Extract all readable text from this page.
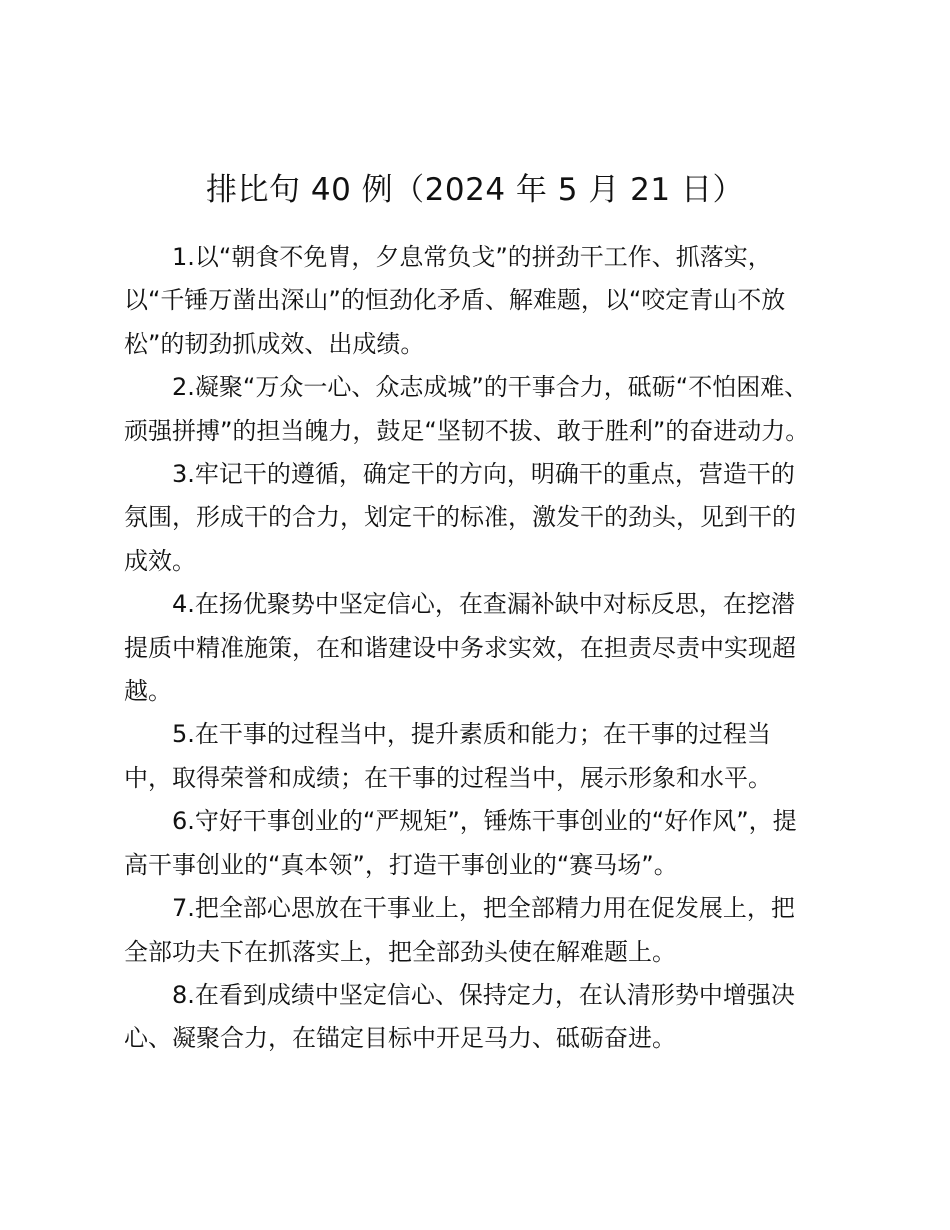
排比句 40 例（2024 年 5 月 21 日）

1.以“朝食不免胄，夕息常负戈”的拼劲干工作、抓落实，
以“千锤万凿出深山”的恒劲化矛盾、解难题，以“咬定青山不放
松”的韧劲抓成效、出成绩。

2.凝聚“万众一心、众志成城”的干事合力，砥砺“不怕困难、
顽强拼搏”的担当魄力，鼓足“坚韧不拔、敢于胜利”的奋进动力。

3.牢记干的遵循，确定干的方向，明确干的重点，营造干的
氛围，形成干的合力，划定干的标准，激发干的劲头，见到干的
成效。

4.在扬优聚势中坚定信心，在查漏补缺中对标反思，在挖潜
提质中精准施策，在和谐建设中务求实效，在担责尽责中实现超
越。

5.在干事的过程当中，提升素质和能力；在干事的过程当
中，取得荣誉和成绩；在干事的过程当中，展示形象和水平。

6.守好干事创业的“严规矩”，锤炼干事创业的“好作风”，提
高干事创业的“真本领”，打造干事创业的“赛马场”。

7.把全部心思放在干事业上，把全部精力用在促发展上，把
全部功夫下在抓落实上，把全部劲头使在解难题上。

8.在看到成绩中坚定信心、保持定力，在认清形势中增强决
心、凝聚合力，在锚定目标中开足马力、砥砺奋进。
